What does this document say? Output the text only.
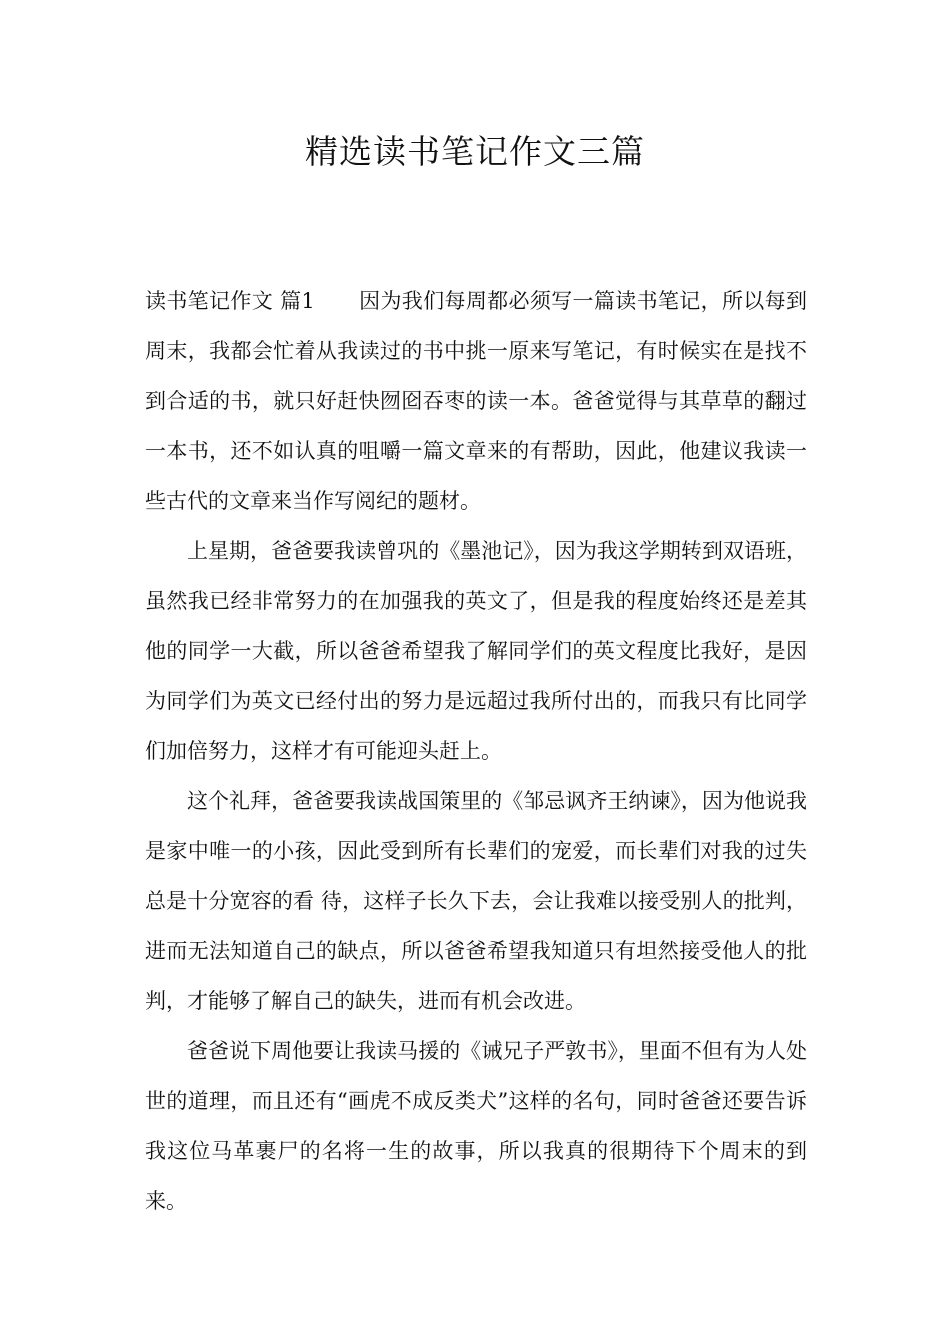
精选读书笔记作文三篇

读书笔记作文 篇1 因为我们每周都必须写一篇读书笔记，所以每到周末，我都会忙着从我读过的书中挑一原来写笔记，有时候实在是找不到合适的书，就只好赶快囫囵吞枣的读一本。爸爸觉得与其草草的翻过一本书，还不如认真的咀嚼一篇文章来的有帮助，因此，他建议我读一些古代的文章来当作写阅纪的题材。

上星期，爸爸要我读曾巩的《墨池记》，因为我这学期转到双语班，虽然我已经非常努力的在加强我的英文了，但是我的程度始终还是差其他的同学一大截，所以爸爸希望我了解同学们的英文程度比我好，是因为同学们为英文已经付出的努力是远超过我所付出的，而我只有比同学们加倍努力，这样才有可能迎头赶上。

这个礼拜，爸爸要我读战国策里的《邹忌讽齐王纳谏》，因为他说我是家中唯一的小孩，因此受到所有长辈们的宠爱，而长辈们对我的过失总是十分宽容的看 待，这样子长久下去，会让我难以接受别人的批判，进而无法知道自己的缺点，所以爸爸希望我知道只有坦然接受他人的批判，才能够了解自己的缺失，进而有机会改进。

爸爸说下周他要让我读马援的《诫兄子严敦书》，里面不但有为人处世的道理，而且还有“画虎不成反类犬”这样的名句，同时爸爸还要告诉我这位马革裹尸的名将一生的故事，所以我真的很期待下个周末的到来。
